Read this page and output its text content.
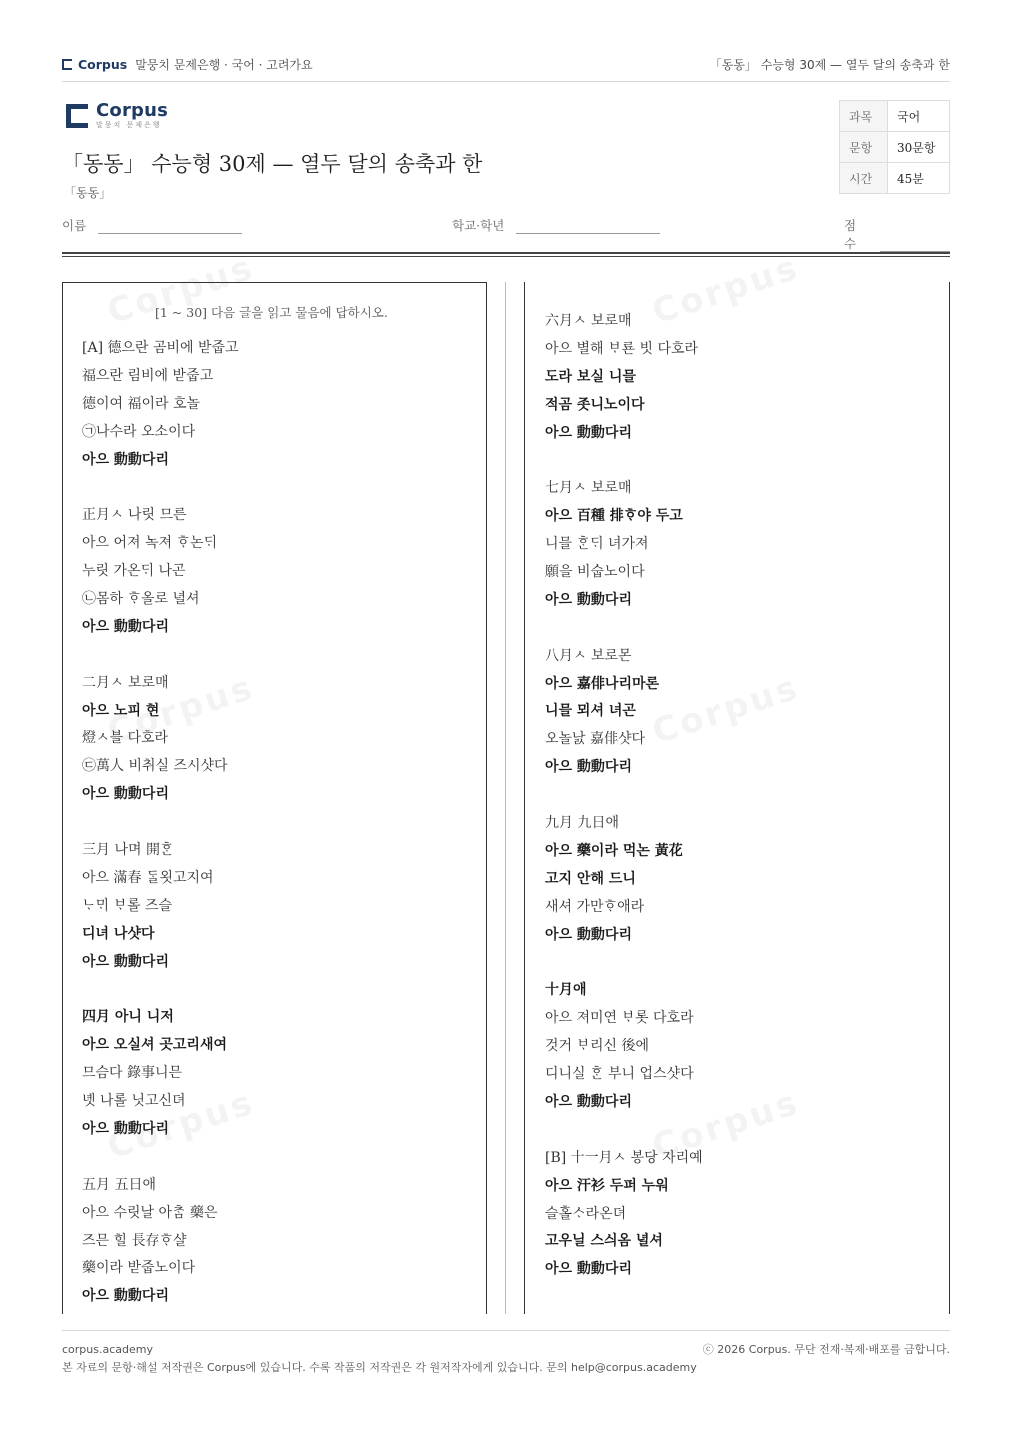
Corpus 말뭉치 문제은행 · 국어 · 고려가요	「동동」 수능형 30제 — 열두 달의 송축과 한
Corpus
말뭉치 문제은행
「동동」 수능형 30제 — 열두 달의 송축과 한
「동동」
과목	국어
문항	30문항
시간	45분
이름	학교·학년	점수
[1 ~ 30] 다음 글을 읽고 물음에 답하시오.
[A] 德으란 곰비에 받줍고
福으란 림비에 받줍고
德이여 福이라 호놀
㉠나수라 오소이다
아으 動動다리
正月ㅅ 나릿 므른
아으 어져 녹져 ᄒᆞ논ᄃᆡ
누릿 가온ᄃᆡ 나곤
㉡몸하 ᄒᆞ올로 녈셔
아으 動動다리
二月ㅅ 보로매
아으 노피 현
燈ㅅ블 다호라
㉢萬人 비취실 즈시샷다
아으 動動다리
三月 나며 開ᄒᆞᆫ
아으 滿春 ᄃᆞᆯ욋고지여
ᄂᆞᄆᆡ ᄇᆞ롤 즈슬
디녀 나샷다
아으 動動다리
四月 아니 니저
아으 오실셔 곳고리새여
므슴다 錄事니믄
녯 나롤 닛고신뎌
아으 動動다리
五月 五日애
아으 수릿날 아ᄎᆞᆷ 藥은
즈믄 힐 長存ᄒᆞ샬
藥이라 받줍노이다
아으 動動다리
六月ㅅ 보로매
아으 별해 ᄇᆞ룐 빗 다호라
도라 보실 니믈
적곰 좃니노이다
아으 動動다리
七月ㅅ 보로매
아으 百種 排ᄒᆞ야 두고
니믈 ᄒᆞᆫᄃᆡ 녀가져
願을 비숩노이다
아으 動動다리
八月ㅅ 보로몬
아으 嘉俳나리마론
니믈 뫼셔 녀곤
오놀낤 嘉俳샷다
아으 動動다리
九月 九日애
아으 藥이라 먹논 黃花
고지 안해 드니
새셔 가만ᄒᆞ애라
아으 動動다리
十月애
아으 져미연 ᄇᆞ롯 다호라
것거 ᄇᆞ리신 後에
디니실 ᄒᆞᆫ 부니 업스샷다
아으 動動다리
[B] 十一月ㅅ 봉당 자리예
아으 汗衫 두퍼 누워
슬홀ᄉᆞ라온뎌
고우닐 스싀옴 녈셔
아으 動動다리
corpus.academy	ⓒ 2026 Corpus. 무단 전재·복제·배포를 금합니다.
본 자료의 문항·해설 저작권은 Corpus에 있습니다. 수록 작품의 저작권은 각 원저작자에게 있습니다. 문의 help@corpus.academy
